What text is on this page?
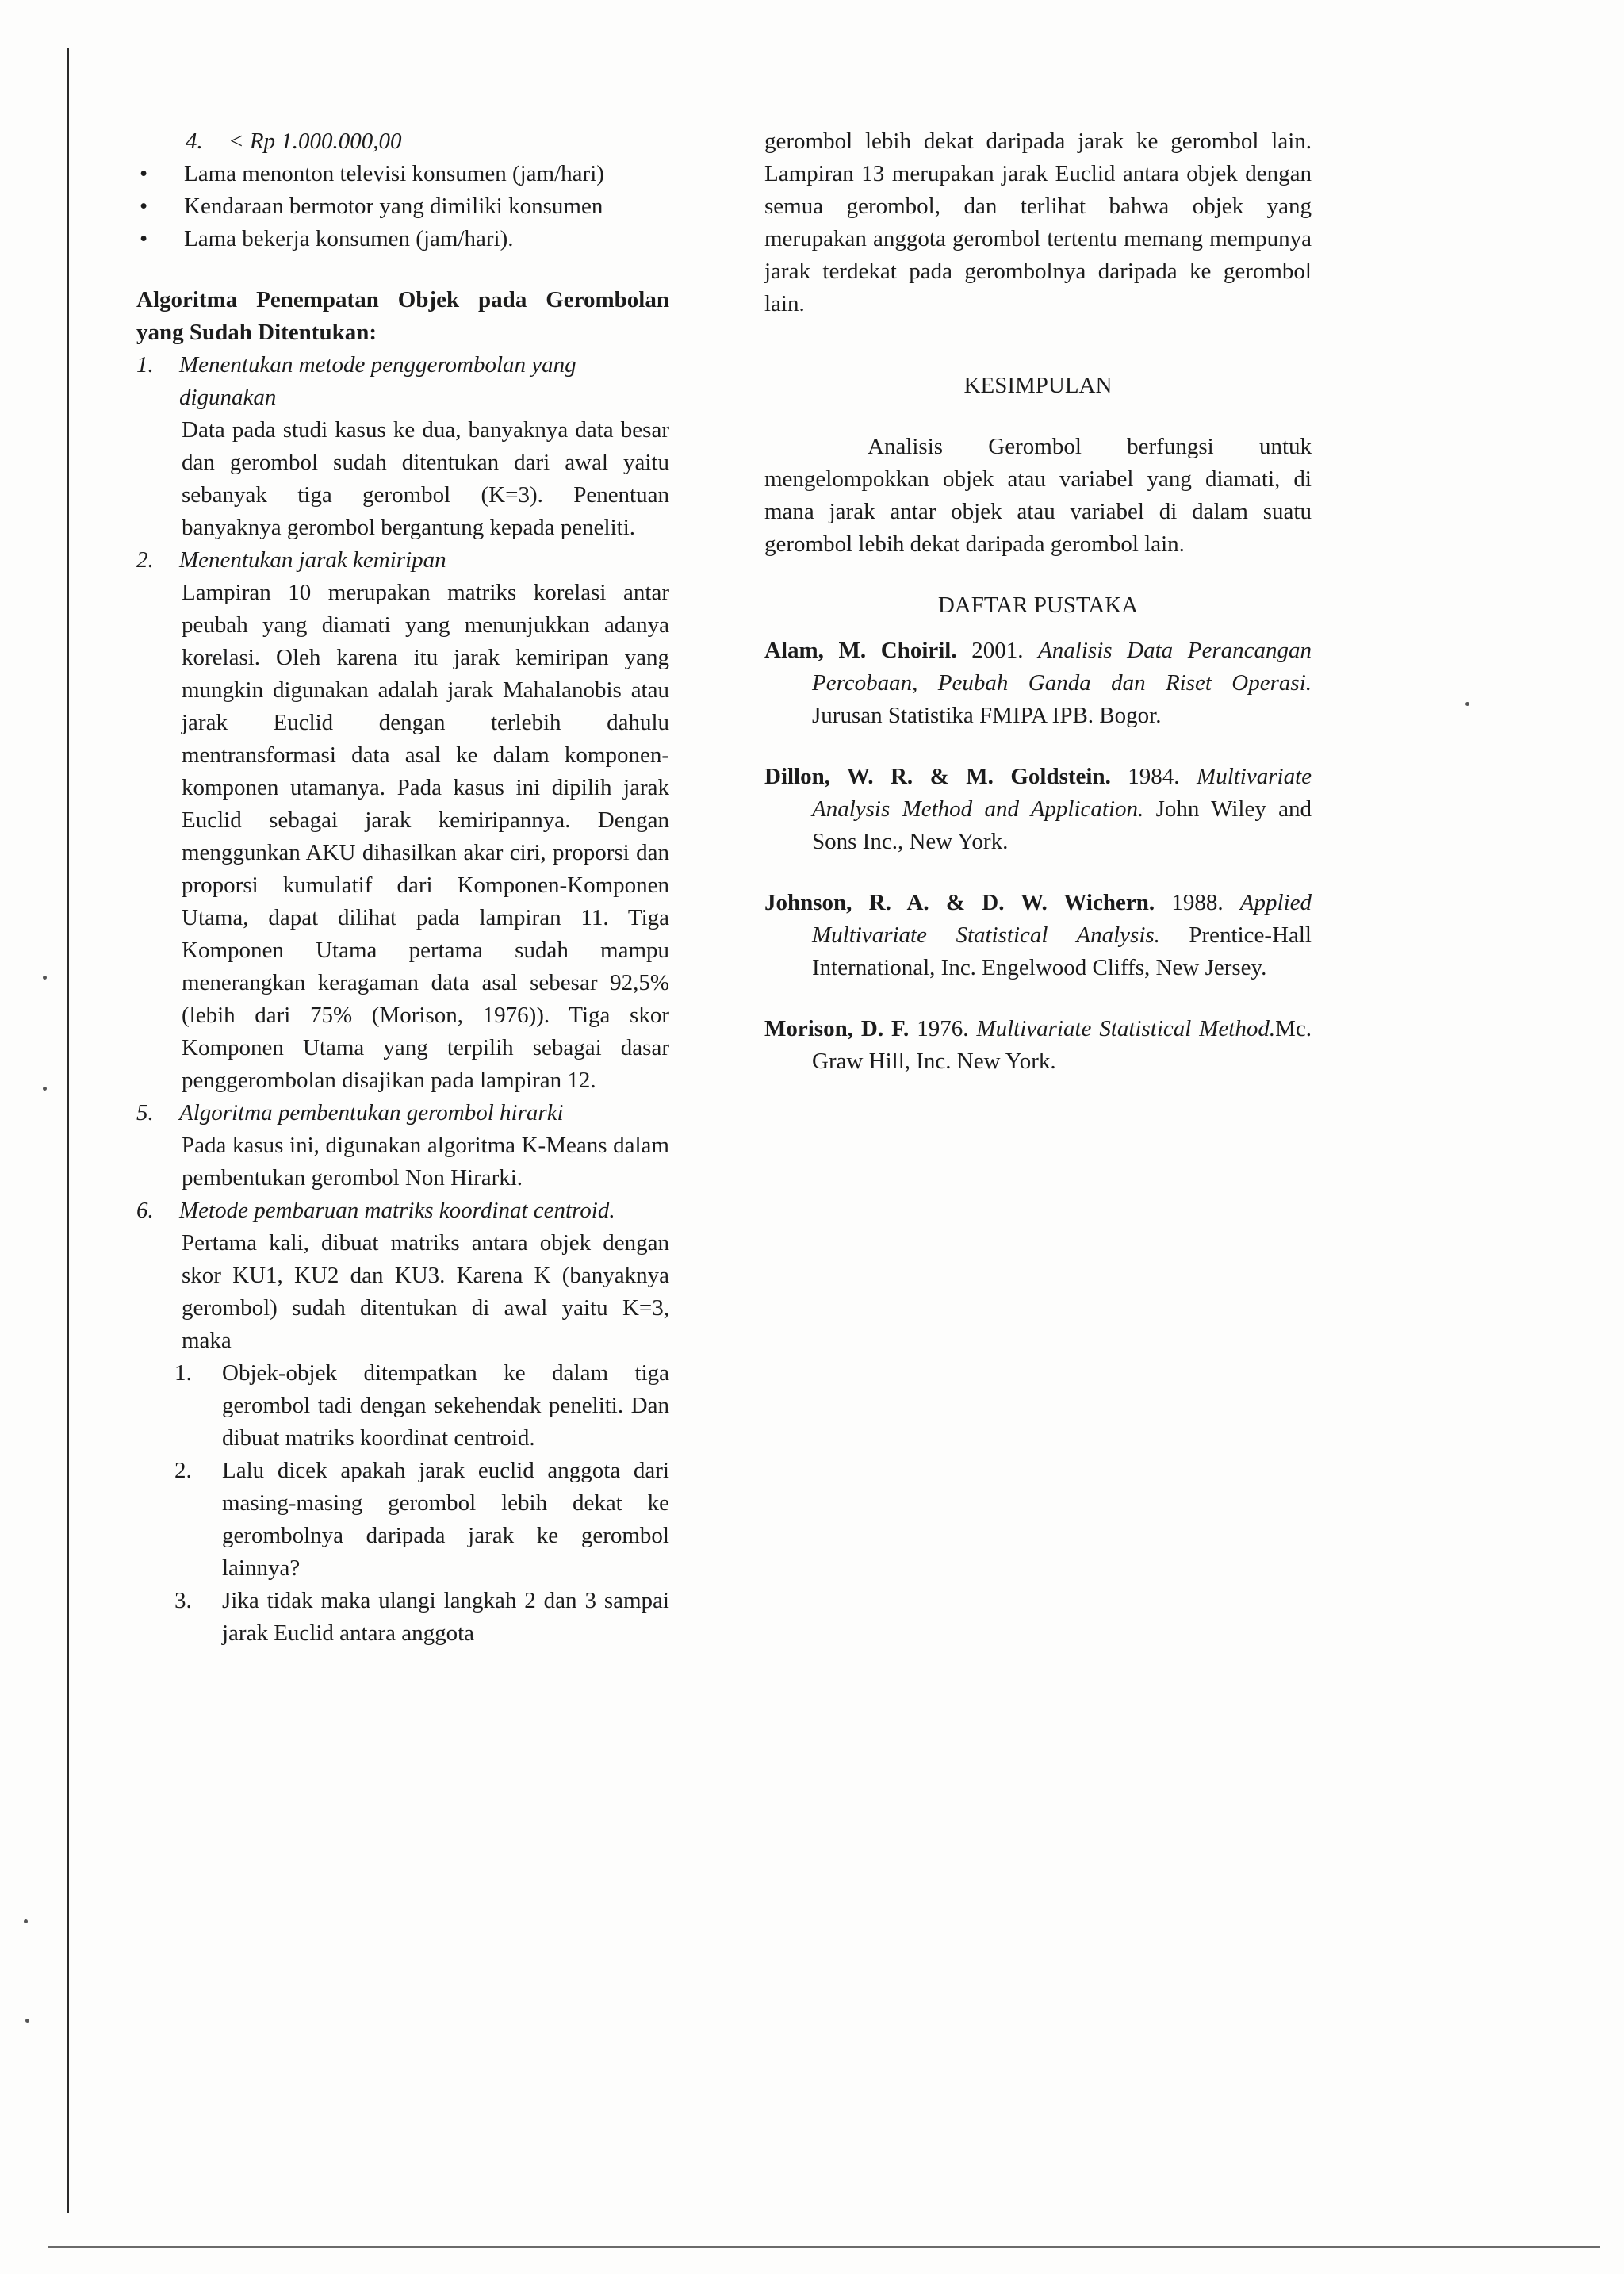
4.	< Rp 1.000.000,00
•	Lama menonton televisi konsumen (jam/hari)
•	Kendaraan bermotor yang dimiliki konsumen
•	Lama bekerja konsumen (jam/hari).

Algoritma Penempatan Objek pada Gerombolan yang Sudah Ditentukan:

1.	Menentukan metode penggerombolan yang digunakan

Data pada studi kasus ke dua, banyaknya data besar dan gerombol sudah ditentukan dari awal yaitu sebanyak tiga gerombol (K=3). Penentuan banyaknya gerombol bergantung kepada peneliti.

2.	Menentukan jarak kemiripan

Lampiran 10 merupakan matriks korelasi antar peubah yang diamati yang menunjukkan adanya korelasi. Oleh karena itu jarak kemiripan yang mungkin digunakan adalah jarak Mahalanobis atau jarak Euclid dengan terlebih dahulu mentransformasi data asal ke dalam komponen-komponen utamanya. Pada kasus ini dipilih jarak Euclid sebagai jarak kemiripannya. Dengan menggunkan AKU dihasilkan akar ciri, proporsi dan proporsi kumulatif dari Komponen-Komponen Utama, dapat dilihat pada lampiran 11. Tiga Komponen Utama pertama sudah mampu menerangkan keragaman data asal sebesar 92,5% (lebih dari 75% (Morison, 1976)). Tiga skor Komponen Utama yang terpilih sebagai dasar penggerombolan disajikan pada lampiran 12.

5.	Algoritma pembentukan gerombol hirarki

Pada kasus ini, digunakan algoritma K-Means dalam pembentukan gerombol Non Hirarki.

6.	Metode pembaruan matriks koordinat centroid.

Pertama kali, dibuat matriks antara objek dengan skor KU1, KU2 dan KU3. Karena K (banyaknya gerombol) sudah ditentukan di awal yaitu K=3, maka

1.	Objek-objek ditempatkan ke dalam tiga gerombol tadi dengan sekehendak peneliti. Dan dibuat matriks koordinat centroid.
2.	Lalu dicek apakah jarak euclid anggota dari masing-masing gerombol lebih dekat ke gerombolnya daripada jarak ke gerombol lainnya?
3.	Jika tidak maka ulangi langkah 2 dan 3 sampai jarak Euclid antara anggota

gerombol lebih dekat daripada jarak ke gerombol lain. Lampiran 13 merupakan jarak Euclid antara objek dengan semua gerombol, dan terlihat bahwa objek yang merupakan anggota gerombol tertentu memang mempunya jarak terdekat pada gerombolnya daripada ke gerombol lain.

KESIMPULAN

Analisis Gerombol berfungsi untuk mengelompokkan objek atau variabel yang diamati, di mana jarak antar objek atau variabel di dalam suatu gerombol lebih dekat daripada gerombol lain.

DAFTAR PUSTAKA

Alam, M. Choiril. 2001. Analisis Data Perancangan Percobaan, Peubah Ganda dan Riset Operasi. Jurusan Statistika FMIPA IPB. Bogor.

Dillon, W. R. & M. Goldstein. 1984. Multivariate Analysis Method and Application. John Wiley and Sons Inc., New York.

Johnson, R. A. & D. W. Wichern. 1988. Applied Multivariate Statistical Analysis. Prentice-Hall International, Inc. Engelwood Cliffs, New Jersey.

Morison, D. F. 1976. Multivariate Statistical Method.Mc. Graw Hill, Inc. New York.
